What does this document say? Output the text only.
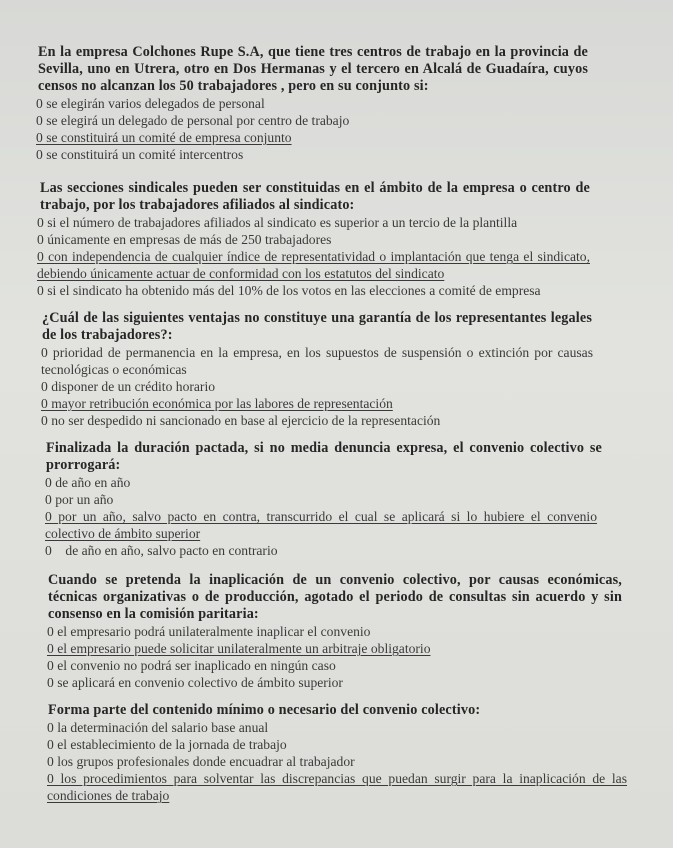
En la empresa Colchones Rupe S.A, que tiene tres centros de trabajo en la provincia de Sevilla, uno en Utrera, otro en Dos Hermanas y el tercero en Alcalá de Guadaíra, cuyos censos no alcanzan los 50 trabajadores , pero en su conjunto si:
0 se elegirán varios delegados de personal
0 se elegirá un delegado de personal por centro de trabajo
0 se constituirá un comité de empresa conjunto
0 se constituirá un comité intercentros
Las secciones sindicales pueden ser constituidas en el ámbito de la empresa o centro de trabajo, por los trabajadores afiliados al sindicato:
0 si el número de trabajadores afiliados al sindicato es superior a un tercio de la plantilla
0 únicamente en empresas de más de 250 trabajadores
0 con independencia de cualquier índice de representatividad o implantación que tenga el sindicato, debiendo únicamente actuar de conformidad con los estatutos del sindicato
0 si el sindicato ha obtenido más del 10% de los votos en las elecciones a comité de empresa
¿Cuál de las siguientes ventajas no constituye una garantía de los representantes legales de los trabajadores?:
0 prioridad de permanencia en la empresa, en los supuestos de suspensión o extinción por causas tecnológicas o económicas
0 disponer de un crédito horario
0 mayor retribución económica por las labores de representación
0 no ser despedido ni sancionado en base al ejercicio de la representación
Finalizada la duración pactada, si no media denuncia expresa, el convenio colectivo se prorrogará:
0 de año en año
0 por un año
0 por un año, salvo pacto en contra, transcurrido el cual se aplicará si lo hubiere el convenio colectivo de ámbito superior
0    de año en año, salvo pacto en contrario
Cuando se pretenda la inaplicación de un convenio colectivo, por causas económicas, técnicas organizativas o de producción, agotado el periodo de consultas sin acuerdo y sin consenso en la comisión paritaria:
0 el empresario podrá unilateralmente inaplicar el convenio
0 el empresario puede solicitar unilateralmente un arbitraje obligatorio
0 el convenio no podrá ser inaplicado en ningún caso
0 se aplicará en convenio colectivo de ámbito superior
Forma parte del contenido mínimo o necesario del convenio colectivo:
0 la determinación del salario base anual
0 el establecimiento de la jornada de trabajo
0 los grupos profesionales donde encuadrar al trabajador
0 los procedimientos para solventar las discrepancias que puedan surgir para la inaplicación de las condiciones de trabajo
